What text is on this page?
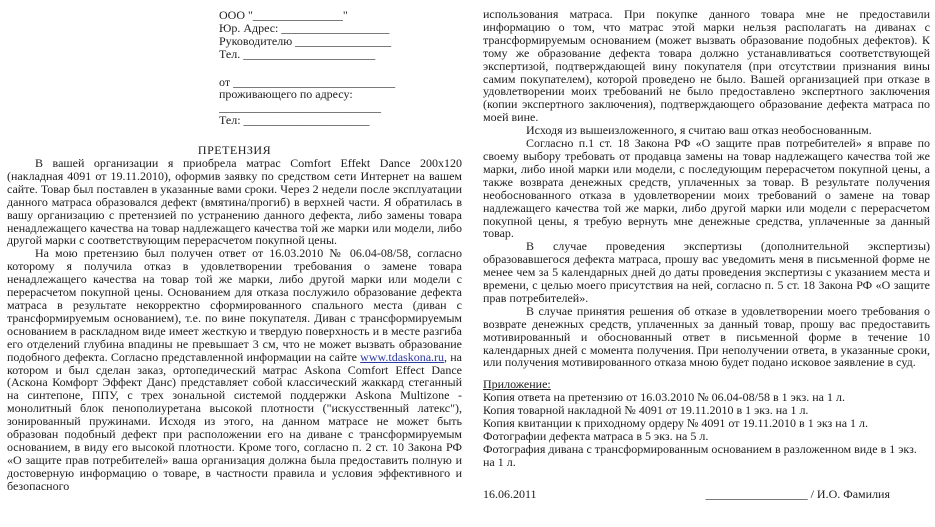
ООО "_______________"
Юр. Адрес: __________________
Руководителю ________________
Тел. ______________________
от ___________________________
проживающего по адресу:
___________________________
Тел: _____________________
ПРЕТЕНЗИЯ

В вашей организации я приобрела матрас Comfort Effekt Dance 200x120 (накладная 4091 от 19.11.2010), оформив заявку по средством сети Интернет на вашем сайте. Товар был поставлен в указанные вами сроки. Через 2 недели после эксплуатации данного матраса образовался дефект (вмятина/прогиб) в верхней части. Я обратилась в вашу организацию с претензией по устранению данного дефекта, либо замены товара ненадлежащего качества на товар надлежащего качества той же марки или модели, либо другой марки с соответствующим перерасчетом покупной цены.

На мою претензию был получен ответ от 16.03.2010 № 06.04-08/58, согласно которому я получила отказ в удовлетворении требования о замене товара ненадлежащего качества на товар той же марки, либо другой марки или модели с перерасчетом покупной цены. Основанием для отказа послужило образование дефекта матраса в результате некорректно сформированного спального места (диван с трансформируемым основанием), т.е. по вине покупателя. Диван с трансформируемым основанием в раскладном виде имеет жесткую и твердую поверхность и в месте разгиба его отделений глубина впадины не превышает 3 см, что не может вызвать образование подобного дефекта. Согласно представленной информации на сайте www.tdaskona.ru, на котором и был сделан заказ, ортопедический матрас Askona Comfort Effect Dance (Аскона Комфорт Эффект Данс) представляет собой классический жаккард стеганный на синтепоне, ППУ, с трех зональной системой поддержки Askona Multizone - монолитный блок пенополиуретана высокой плотности ("искусственный латекс"), зонированный пружинами. Исходя из этого, на данном матрасе не может быть образован подобный дефект при расположении его на диване с трансформируемым основанием, в виду его высокой плотности. Кроме того, согласно п. 2 ст. 10 Закона РФ «О защите прав потребителей» ваша организация должна была предоставить полную и достоверную информацию о товаре, в частности правила и условия эффективного и безопасного

использования матраса. При покупке данного товара мне не предоставили информацию о том, что матрас этой марки нельзя располагать на диванах с трансформируемым основанием (может вызвать образование подобных дефектов). К тому же образование дефекта товара должно устанавливаться соответствующей экспертизой, подтверждающей вину покупателя (при отсутствии признания вины самим покупателем), которой проведено не было. Вашей организацией при отказе в удовлетворении моих требований не было предоставлено экспертного заключения (копии экспертного заключения), подтверждающего образование дефекта матраса по моей вине.

Исходя из вышеизложенного, я считаю ваш отказ необоснованным.

Согласно п.1 ст. 18 Закона РФ «О защите прав потребителей» я вправе по своему выбору требовать от продавца замены на товар надлежащего качества той же марки, либо иной марки или модели, с последующим перерасчетом покупной цены, а также возврата денежных средств, уплаченных за товар. В результате получения необоснованного отказа в удовлетворении моих требований о замене на товар надлежащего качества той же марки, либо другой марки или модели с перерасчетом покупной цены, я требую вернуть мне денежные средства, уплаченные за данный товар.

В случае проведения экспертизы (дополнительной экспертизы) образовавшегося дефекта матраса, прошу вас уведомить меня в письменной форме не менее чем за 5 календарных дней до даты проведения экспертизы с указанием места и времени, с целью моего присутствия на ней, согласно п. 5 ст. 18 Закона РФ «О защите прав потребителей».

В случае принятия решения об отказе в удовлетворении моего требования о возврате денежных средств, уплаченных за данный товар, прошу вас предоставить мотивированный и обоснованный ответ в письменной форме в течение 10 календарных дней с момента получения. При неполучении ответа, в указанные сроки, или получения мотивированного отказа мною будет подано исковое заявление в суд.

Приложение:
Копия ответа на претензию от 16.03.2010 № 06.04-08/58 в 1 экз. на 1 л.
Копия товарной накладной № 4091 от 19.11.2010 в 1 экз. на 1 л.
Копия квитанции к приходному ордеру № 4091 от 19.11.2010 в 1 экз на 1 л.
Фотографии дефекта матраса в 5 экз. на 5 л.
Фотография дивана с трансформированным основанием в разложенном виде в 1 экз. на 1 л.
16.06.2011	_________________ / И.О. Фамилия
